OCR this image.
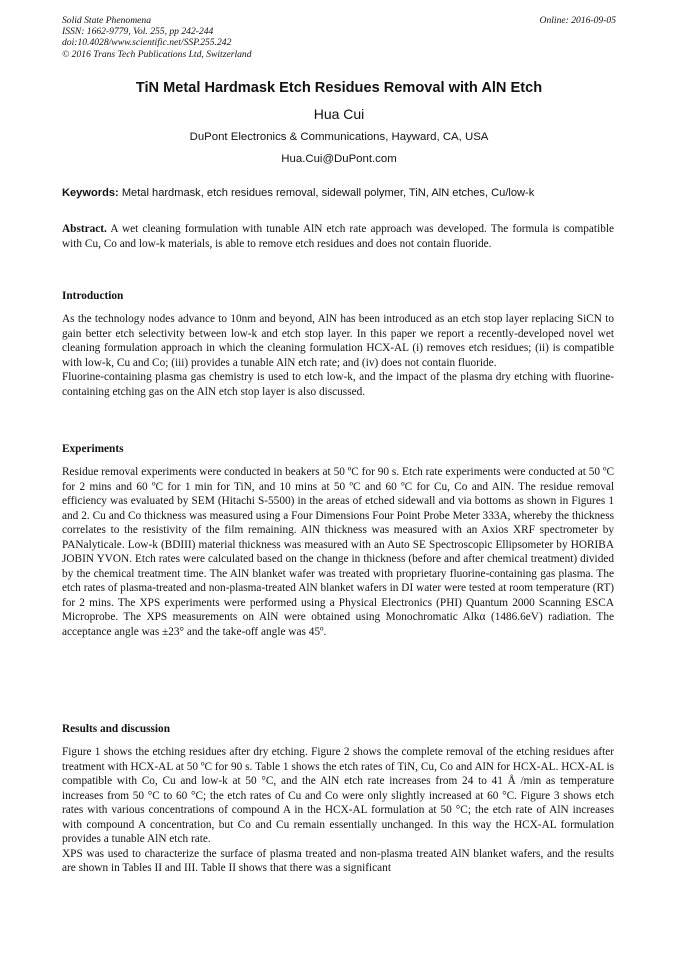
Solid State Phenomena
ISSN: 1662-9779, Vol. 255, pp 242-244
doi:10.4028/www.scientific.net/SSP.255.242
© 2016 Trans Tech Publications Ltd, Switzerland
Online: 2016-09-05
TiN Metal Hardmask Etch Residues Removal with AlN Etch
Hua Cui
DuPont Electronics & Communications, Hayward, CA, USA
Hua.Cui@DuPont.com
Keywords: Metal hardmask, etch residues removal, sidewall polymer, TiN, AlN etches, Cu/low-k

Abstract. A wet cleaning formulation with tunable AlN etch rate approach was developed. The formula is compatible with Cu, Co and low-k materials, is able to remove etch residues and does not contain fluoride.

Introduction

As the technology nodes advance to 10nm and beyond, AlN has been introduced as an etch stop layer replacing SiCN to gain better etch selectivity between low-k and etch stop layer. In this paper we report a recently-developed novel wet cleaning formulation approach in which the cleaning formulation HCX-AL (i) removes etch residues; (ii) is compatible with low-k, Cu and Co; (iii) provides a tunable AlN etch rate; and (iv) does not contain fluoride.

Fluorine-containing plasma gas chemistry is used to etch low-k, and the impact of the plasma dry etching with fluorine-containing etching gas on the AlN etch stop layer is also discussed.

Experiments

Residue removal experiments were conducted in beakers at 50 ºC for 90 s. Etch rate experiments were conducted at 50 ºC for 2 mins and 60 ºC for 1 min for TiN, and 10 mins at 50 ºC and 60 ºC for Cu, Co and AlN. The residue removal efficiency was evaluated by SEM (Hitachi S-5500) in the areas of etched sidewall and via bottoms as shown in Figures 1 and 2. Cu and Co thickness was measured using a Four Dimensions Four Point Probe Meter 333A, whereby the thickness correlates to the resistivity of the film remaining. AlN thickness was measured with an Axios XRF spectrometer by PANalyticale. Low-k (BDIII) material thickness was measured with an Auto SE Spectroscopic Ellipsometer by HORIBA JOBIN YVON. Etch rates were calculated based on the change in thickness (before and after chemical treatment) divided by the chemical treatment time. The AlN blanket wafer was treated with proprietary fluorine-containing gas plasma. The etch rates of plasma-treated and non-plasma-treated AlN blanket wafers in DI water were tested at room temperature (RT) for 2 mins. The XPS experiments were performed using a Physical Electronics (PHI) Quantum 2000 Scanning ESCA Microprobe. The XPS measurements on AlN were obtained using Monochromatic Alkα (1486.6eV) radiation. The acceptance angle was ±23° and the take-off angle was 45º.

Results and discussion

Figure 1 shows the etching residues after dry etching. Figure 2 shows the complete removal of the etching residues after treatment with HCX-AL at 50 ºC for 90 s. Table 1 shows the etch rates of TiN, Cu, Co and AlN for HCX-AL. HCX-AL is compatible with Co, Cu and low-k at 50 °C, and the AlN etch rate increases from 24 to 41 Å /min as temperature increases from 50 °C to 60 °C; the etch rates of Cu and Co were only slightly increased at 60 °C. Figure 3 shows etch rates with various concentrations of compound A in the HCX-AL formulation at 50 °C; the etch rate of AlN increases with compound A concentration, but Co and Cu remain essentially unchanged. In this way the HCX-AL formulation provides a tunable AlN etch rate.

XPS was used to characterize the surface of plasma treated and non-plasma treated AlN blanket wafers, and the results are shown in Tables II and III. Table II shows that there was a significant
